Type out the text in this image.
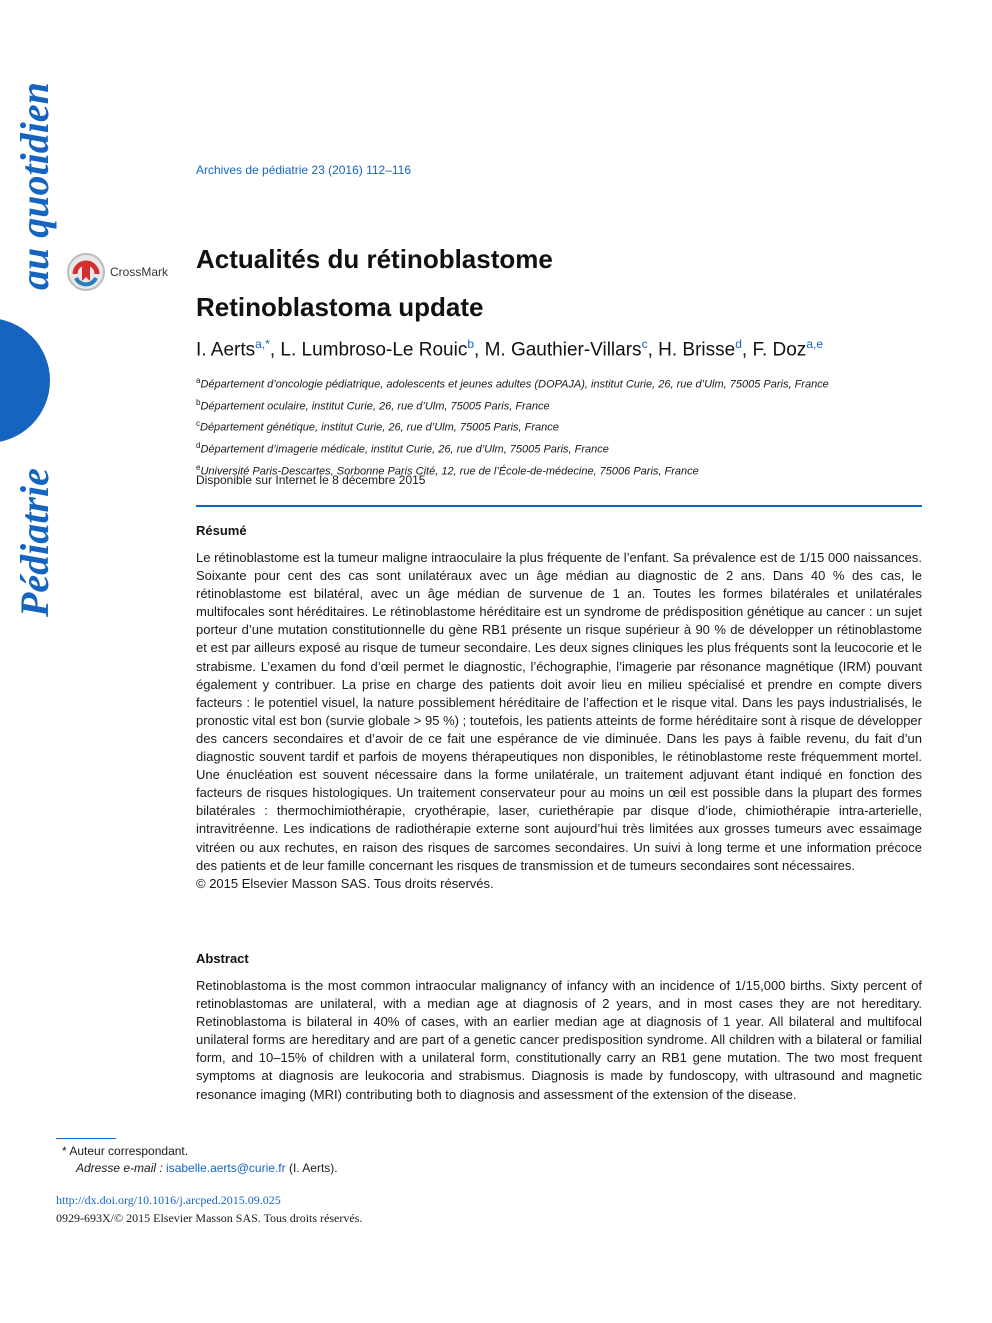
au quotidien
Pédiatrie
Archives de pédiatrie 23 (2016) 112–116
CrossMark Actualités du rétinoblastome
Retinoblastoma update
I. Aerts$^{a,*}$, L. Lumbroso-Le Rouic$^b$, M. Gauthier-Villars$^c$, H. Brisse$^d$, F. Doz$^{a,e}$
$^a$Département d’oncologie pédiatrique, adolescents et jeunes adultes (DOPAJA), institut Curie, 26, rue d’Ulm, 75005 Paris, France
$^b$Département oculaire, institut Curie, 26, rue d’Ulm, 75005 Paris, France
$^c$Département génétique, institut Curie, 26, rue d’Ulm, 75005 Paris, France
$^d$Département d’imagerie médicale, institut Curie, 26, rue d’Ulm, 75005 Paris, France
$^e$Université Paris-Descartes, Sorbonne Paris Cité, 12, rue de l’École-de-médecine, 75006 Paris, France
Disponible sur Internet le 8 décembre 2015
Résumé

Le rétinoblastome est la tumeur maligne intraoculaire la plus fréquente de l’enfant. Sa prévalence est de 1/15 000 naissances. Soixante pour cent des cas sont unilatéraux avec un âge médian au diagnostic de 2 ans. Dans 40 % des cas, le rétinoblastome est bilatéral, avec un âge médian de survenue de 1 an. Toutes les formes bilatérales et unilatérales multifocales sont héréditaires. Le rétinoblastome héréditaire est un syndrome de prédisposition génétique au cancer : un sujet porteur d’une mutation constitutionnelle du gène RB1 présente un risque supérieur à 90 % de développer un rétinoblastome et est par ailleurs exposé au risque de tumeur secondaire. Les deux signes cliniques les plus fréquents sont la leucocorie et le strabisme. L’examen du fond d’œil permet le diagnostic, l’échographie, l’imagerie par résonance magnétique (IRM) pouvant également y contribuer. La prise en charge des patients doit avoir lieu en milieu spécialisé et prendre en compte divers facteurs : le potentiel visuel, la nature possiblement héréditaire de l’affection et le risque vital. Dans les pays industrialisés, le pronostic vital est bon (survie globale > 95 %) ; toutefois, les patients atteints de forme héréditaire sont à risque de développer des cancers secondaires et d’avoir de ce fait une espérance de vie diminuée. Dans les pays à faible revenu, du fait d’un diagnostic souvent tardif et parfois de moyens thérapeutiques non disponibles, le rétinoblastome reste fréquemment mortel. Une énucléation est souvent nécessaire dans la forme unilatérale, un traitement adjuvant étant indiqué en fonction des facteurs de risques histologiques. Un traitement conservateur pour au moins un œil est possible dans la plupart des formes bilatérales : thermochimiothérapie, cryothérapie, laser, curiethérapie par disque d’iode, chimiothérapie intra-arterielle, intravitréenne. Les indications de radiothérapie externe sont aujourd’hui très limitées aux grosses tumeurs avec essaimage vitréen ou aux rechutes, en raison des risques de sarcomes secondaires. Un suivi à long terme et une information précoce des patients et de leur famille concernant les risques de transmission et de tumeurs secondaires sont nécessaires.

© 2015 Elsevier Masson SAS. Tous droits réservés.

Abstract

Retinoblastoma is the most common intraocular malignancy of infancy with an incidence of 1/15,000 births. Sixty percent of retinoblastomas are unilateral, with a median age at diagnosis of 2 years, and in most cases they are not hereditary. Retinoblastoma is bilateral in 40% of cases, with an earlier median age at diagnosis of 1 year. All bilateral and multifocal unilateral forms are hereditary and are part of a genetic cancer predisposition syndrome. All children with a bilateral or familial form, and 10–15% of children with a unilateral form, constitutionally carry an RB1 gene mutation. The two most frequent symptoms at diagnosis are leukocoria and strabismus. Diagnosis is made by fundoscopy, with ultrasound and magnetic resonance imaging (MRI) contributing both to diagnosis and assessment of the extension of the disease.

* Auteur correspondant.
Adresse e-mail : isabelle.aerts@curie.fr (I. Aerts).
http://dx.doi.org/10.1016/j.arcped.2015.09.025
0929-693X/© 2015 Elsevier Masson SAS. Tous droits réservés.
